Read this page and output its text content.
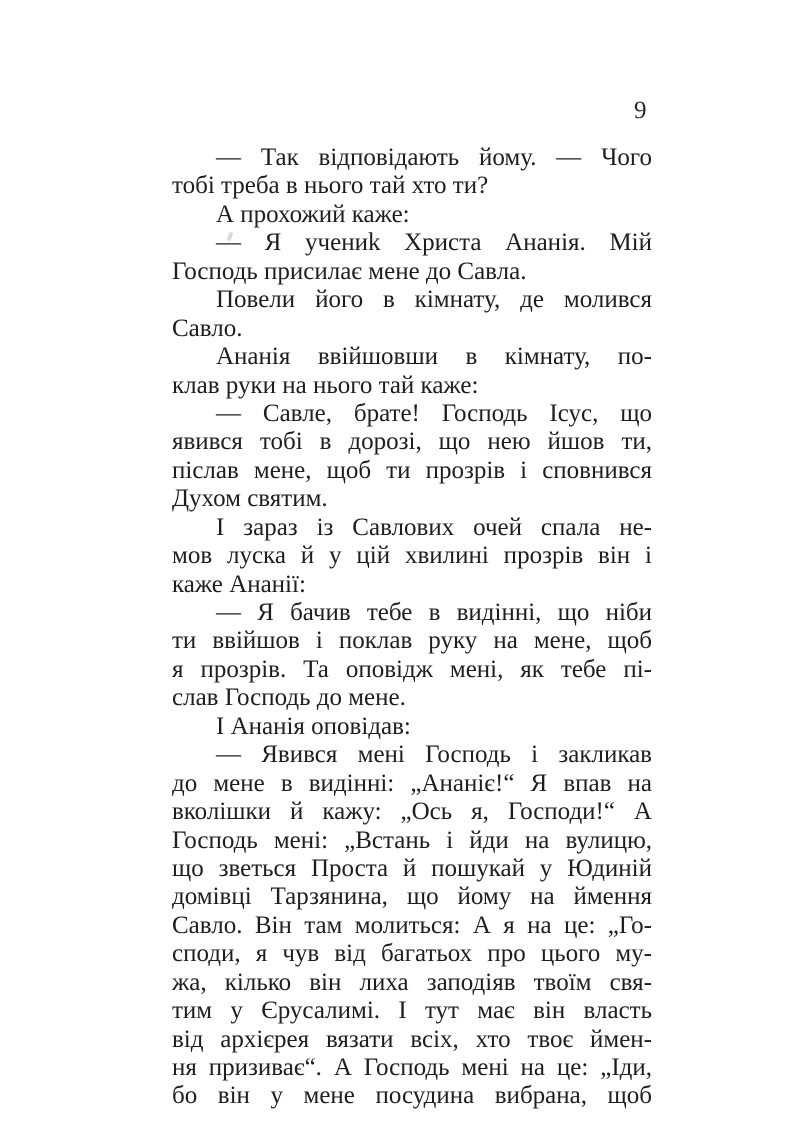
9
— Так відповідають йому. — Чого
тобі треба в нього тай хто ти?
А прохожий каже:
— Я учениk Христа Ананія. Мій
Господь присилає мене до Савла.
Повели його в кімнату, де молився
Савло.
Ананія ввійшовши в кімнату, по-
клав руки на нього тай каже:
— Савле, брате! Господь Ісус, що
явився тобі в дорозі, що нею йшов ти,
післав мене, щоб ти прозрів і сповнився
Духом святим.
І зараз із Савлових очей спала не-
мов луска й у цій хвилині прозрів він і
каже Ананії:
— Я бачив тебе в видінні, що ніби
ти ввійшов і поклав руку на мене, щоб
я прозрів. Та оповідж мені, як тебе пі-
слав Господь до мене.
І Ананія оповідав:
— Явився мені Господь і закликав
до мене в видінні: „Ананіє!“ Я впав на
вколішки й кажу: „Ось я, Господи!“ А
Господь мені: „Встань і йди на вулицю,
що зветься Проста й пошукай у Юдиній
домівці Тарзянина, що йому на ймення
Савло. Він там молиться: А я на це: „Го-
споди, я чув від багатьох про цього му-
жа, кілько він лиха заподіяв твоїм свя-
тим у Єрусалимі. І тут має він власть
від архієрея вязати всіх, хто твоє ймен-
ня призиває“. А Господь мені на це: „Іди,
бо він у мене посудина вибрана, щоб
